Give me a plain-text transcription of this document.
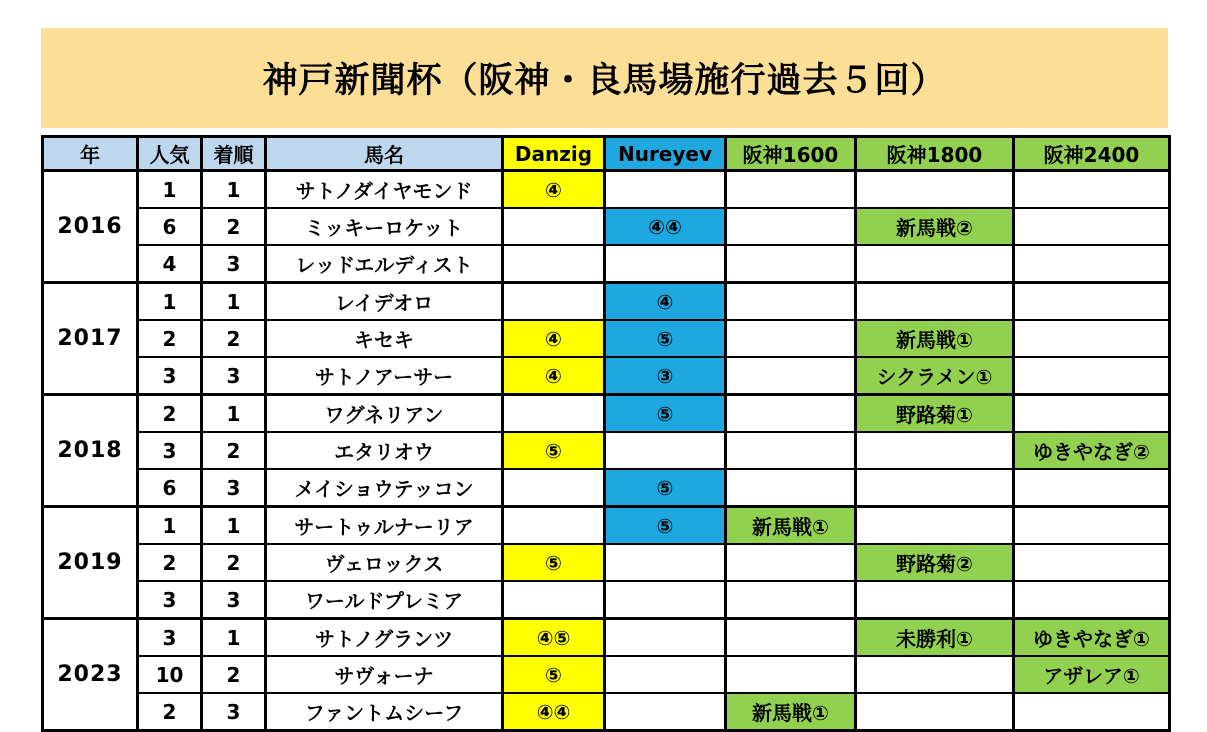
神戸新聞杯（阪神・良馬場施行過去５回）
年	人気	着順	馬名	Danzig	Nureyev	阪神1600	阪神1800	阪神2400
2016	1	1	サトノダイヤモンド	④				
	6	2	ミッキーロケット		④④		新馬戦②	
	4	3	レッドエルディスト					
2017	1	1	レイデオロ		④			
	2	2	キセキ	④	⑤		新馬戦①	
	3	3	サトノアーサー	④	③		シクラメン①	
2018	2	1	ワグネリアン		⑤		野路菊①	
	3	2	エタリオウ	⑤				ゆきやなぎ②
	6	3	メイショウテッコン		⑤			
2019	1	1	サートゥルナーリア		⑤	新馬戦①		
	2	2	ヴェロックス	⑤			野路菊②	
	3	3	ワールドプレミア					
2023	3	1	サトノグランツ	④⑤			未勝利①	ゆきやなぎ①
	10	2	サヴォーナ	⑤				アザレア①
	2	3	ファントムシーフ	④④		新馬戦①		
